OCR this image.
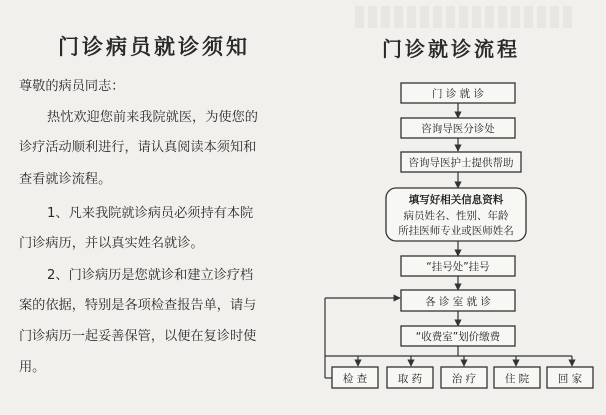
门诊病员就诊须知
尊敬的病员同志：
热忱欢迎您前来我院就医，为使您的
诊疗活动顺利进行，请认真阅读本须知和
查看就诊流程。
1、凡来我院就诊病员必须持有本院
门诊病历，并以真实姓名就诊。
2、门诊病历是您就诊和建立诊疗档
案的依据，特别是各项检查报告单，请与
门诊病历一起妥善保管，以便在复诊时使
用。
门诊就诊流程
门 诊 就 诊
咨询导医分诊处
咨询导医护士提供帮助
填写好相关信息资料
病员姓名、性别、年龄
所挂医师专业或医师姓名
“挂号处”挂号
各 诊 室 就 诊
“收费室”划价缴费
检 查	取 药	治 疗	住 院	回 家
